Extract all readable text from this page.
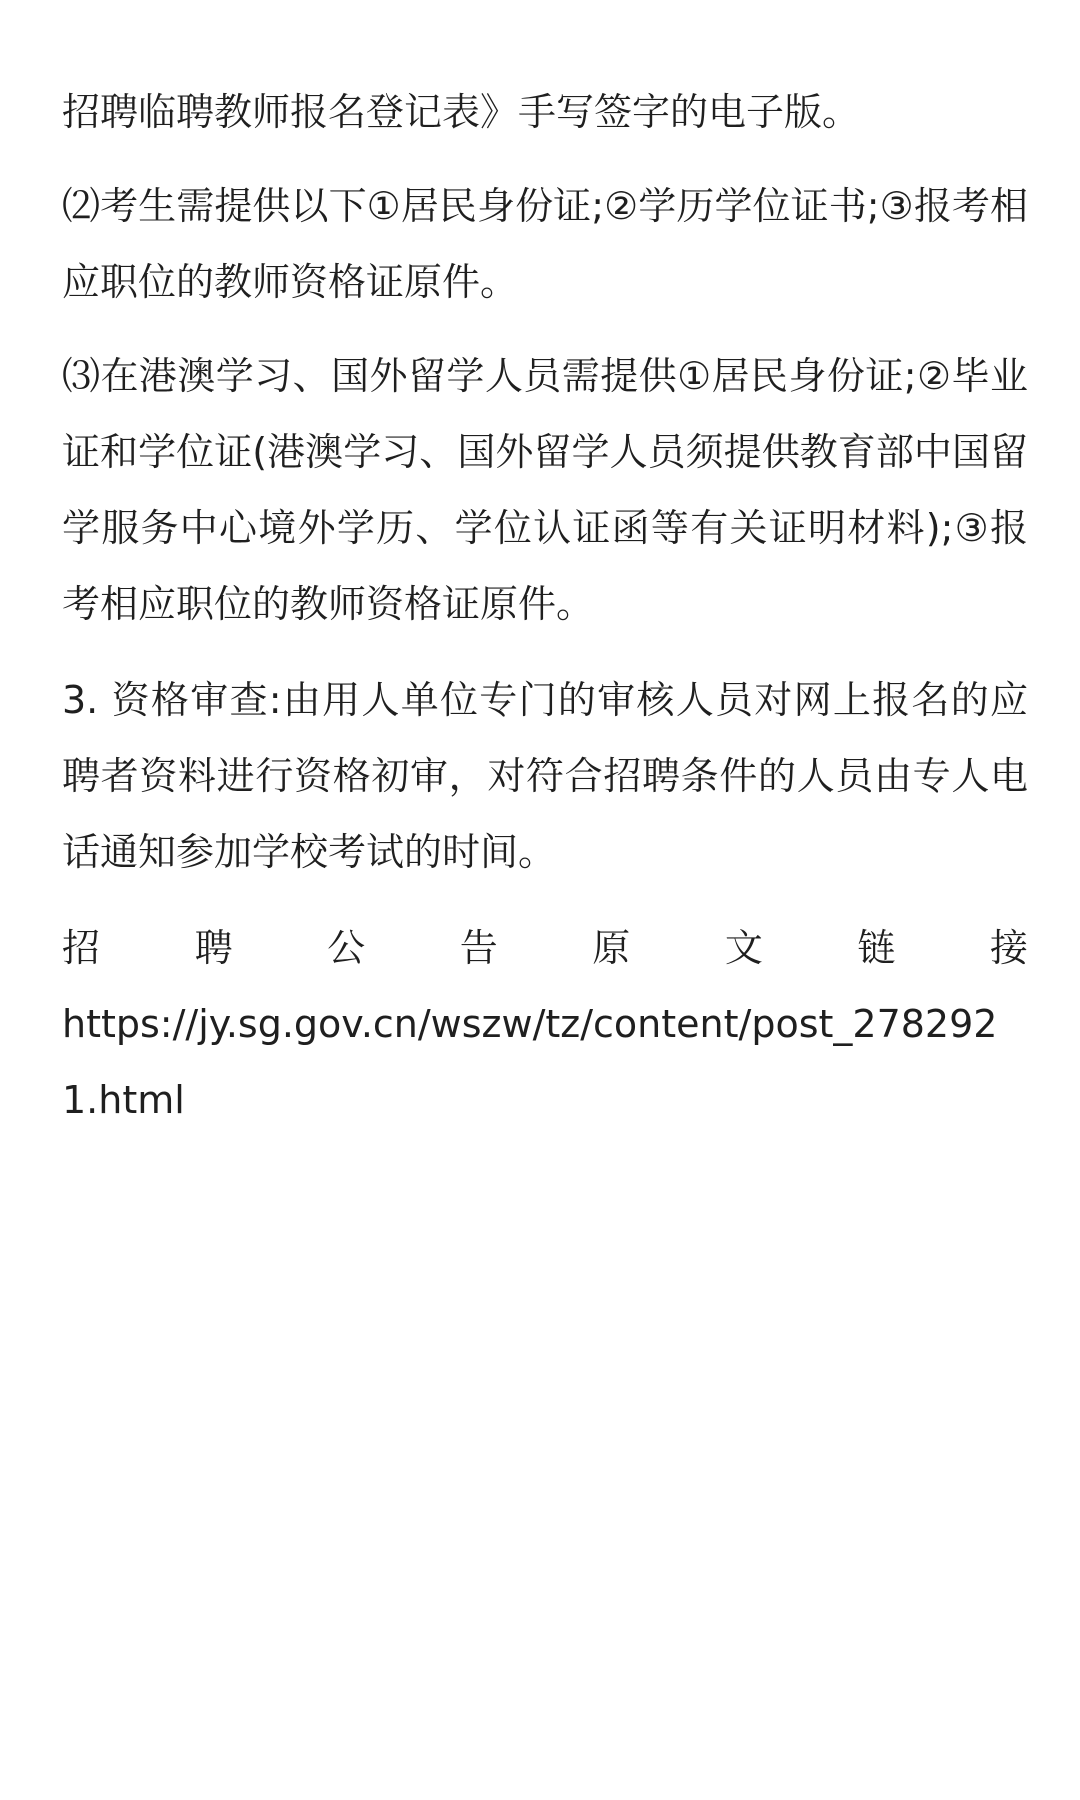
招聘临聘教师报名登记表》手写签字的电子版。

⑵考生需提供以下①居民身份证;②学历学位证书;③报考相应职位的教师资格证原件。

⑶在港澳学习、国外留学人员需提供①居民身份证;②毕业证和学位证(港澳学习、国外留学人员须提供教育部中国留学服务中心境外学历、学位认证函等有关证明材料);③报考相应职位的教师资格证原件。

3. 资格审查:由用人单位专门的审核人员对网上报名的应聘者资料进行资格初审，对符合招聘条件的人员由专人电话通知参加学校考试的时间。

招 聘 公 告 原 文 链 接
https://jy.sg.gov.cn/wszw/tz/content/post_2782921.html
